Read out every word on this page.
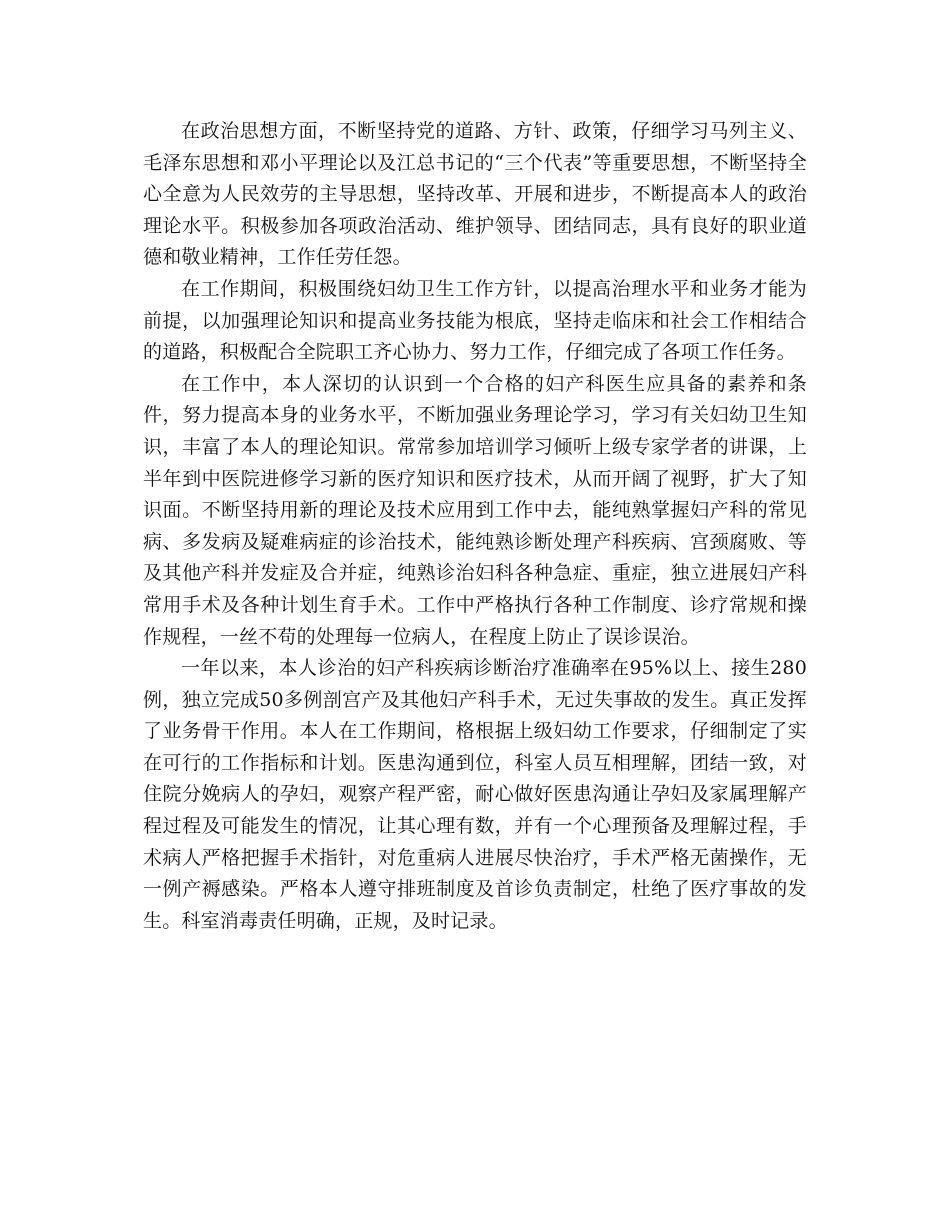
在政治思想方面，不断坚持党的道路、方针、政策，仔细学习马列主义、毛泽东思想和邓小平理论以及江总书记的“三个代表”等重要思想，不断坚持全心全意为人民效劳的主导思想，坚持改革、开展和进步，不断提高本人的政治理论水平。积极参加各项政治活动、维护领导、团结同志，具有良好的职业道德和敬业精神，工作任劳任怨。

在工作期间，积极围绕妇幼卫生工作方针，以提高治理水平和业务才能为前提，以加强理论知识和提高业务技能为根底，坚持走临床和社会工作相结合的道路，积极配合全院职工齐心协力、努力工作，仔细完成了各项工作任务。

在工作中，本人深切的认识到一个合格的妇产科医生应具备的素养和条件，努力提高本身的业务水平，不断加强业务理论学习，学习有关妇幼卫生知识，丰富了本人的理论知识。常常参加培训学习倾听上级专家学者的讲课，上半年到中医院进修学习新的医疗知识和医疗技术，从而开阔了视野，扩大了知识面。不断坚持用新的理论及技术应用到工作中去，能纯熟掌握妇产科的常见病、多发病及疑难病症的诊治技术，能纯熟诊断处理产科疾病、宫颈腐败、等及其他产科并发症及合并症，纯熟诊治妇科各种急症、重症，独立进展妇产科常用手术及各种计划生育手术。工作中严格执行各种工作制度、诊疗常规和操作规程，一丝不苟的处理每一位病人，在程度上防止了误诊误治。

一年以来，本人诊治的妇产科疾病诊断治疗准确率在95%以上、接生280例，独立完成50多例剖宫产及其他妇产科手术，无过失事故的发生。真正发挥了业务骨干作用。本人在工作期间，格根据上级妇幼工作要求，仔细制定了实在可行的工作指标和计划。医患沟通到位，科室人员互相理解，团结一致，对住院分娩病人的孕妇，观察产程严密，耐心做好医患沟通让孕妇及家属理解产程过程及可能发生的情况，让其心理有数，并有一个心理预备及理解过程，手术病人严格把握手术指针，对危重病人进展尽快治疗，手术严格无菌操作，无一例产褥感染。严格本人遵守排班制度及首诊负责制定，杜绝了医疗事故的发生。科室消毒责任明确，正规，及时记录。
